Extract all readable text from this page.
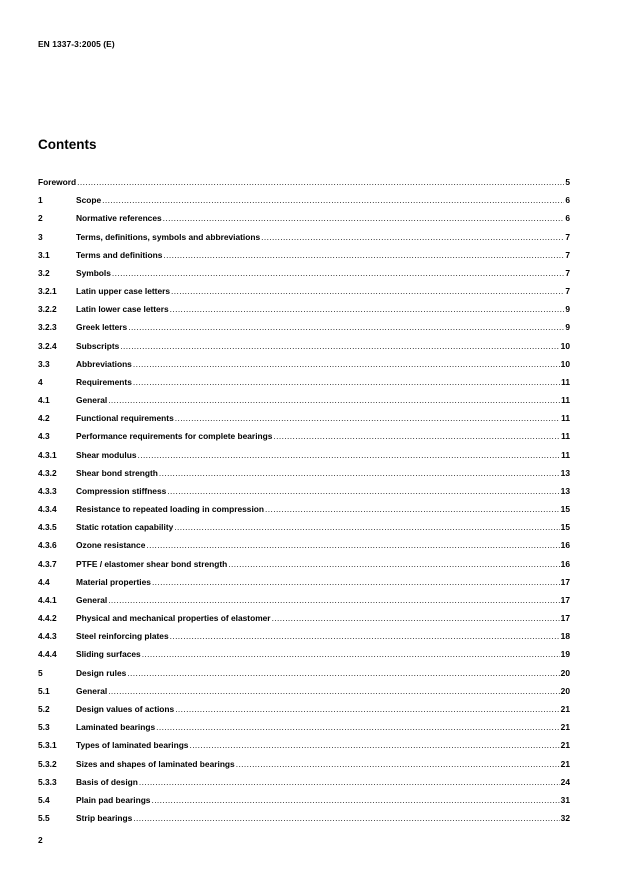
EN 1337-3:2005 (E)
Contents
Foreword .....	5
1	Scope .....	6
2	Normative references .....	6
3	Terms, definitions, symbols and abbreviations .....	7
3.1	Terms and definitions .....	7
3.2	Symbols .....	7
3.2.1 Latin upper case letters .....	7
3.2.2 Latin lower case letters .....	9
3.2.3 Greek letters .....	9
3.2.4 Subscripts .....	10
3.3	Abbreviations .....	10
4	Requirements .....	11
4.1	General .....	11
4.2	Functional requirements .....	11
4.3	Performance requirements for complete bearings .....	11
4.3.1 Shear modulus .....	11
4.3.2 Shear bond strength .....	13
4.3.3 Compression stiffness .....	13
4.3.4 Resistance to repeated loading in compression .....	15
4.3.5 Static rotation capability .....	15
4.3.6 Ozone resistance .....	16
4.3.7 PTFE / elastomer shear bond strength .....	16
4.4	Material properties .....	17
4.4.1 General .....	17
4.4.2 Physical and mechanical properties of elastomer .....	17
4.4.3 Steel reinforcing plates .....	18
4.4.4 Sliding surfaces .....	19
5	Design rules .....	20
5.1	General .....	20
5.2	Design values of actions .....	21
5.3	Laminated bearings .....	21
5.3.1 Types of laminated bearings .....	21
5.3.2 Sizes and shapes of laminated bearings .....	21
5.3.3 Basis of design .....	24
5.4	Plain pad bearings .....	31
5.5	Strip bearings .....	32
2
